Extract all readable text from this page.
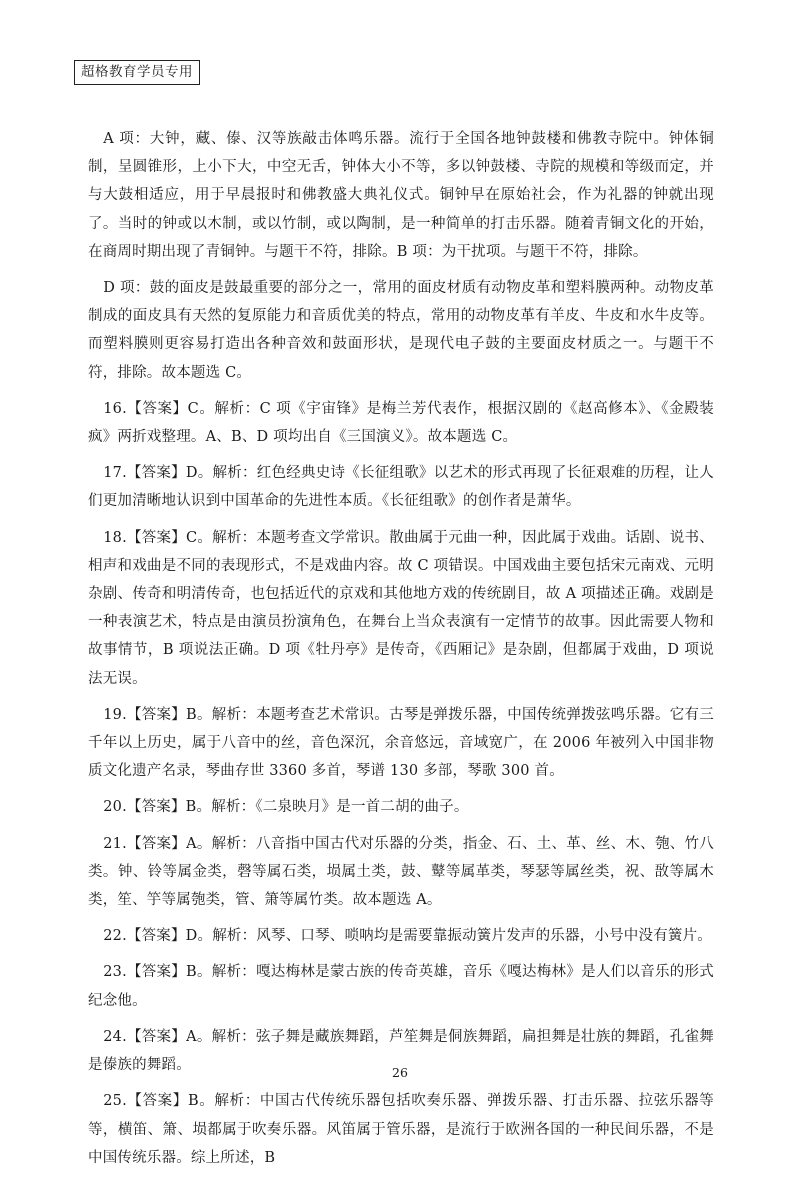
超格教育学员专用

A 项：大钟，藏、傣、汉等族敲击体鸣乐器。流行于全国各地钟鼓楼和佛教寺院中。钟体铜制，呈圆锥形，上小下大，中空无舌，钟体大小不等，多以钟鼓楼、寺院的规模和等级而定，并与大鼓相适应，用于早晨报时和佛教盛大典礼仪式。铜钟早在原始社会，作为礼器的钟就出现了。当时的钟或以木制，或以竹制，或以陶制，是一种简单的打击乐器。随着青铜文化的开始，在商周时期出现了青铜钟。与题干不符，排除。B 项：为干扰项。与题干不符，排除。

D 项：鼓的面皮是鼓最重要的部分之一，常用的面皮材质有动物皮革和塑料膜两种。动物皮革制成的面皮具有天然的复原能力和音质优美的特点，常用的动物皮革有羊皮、牛皮和水牛皮等。而塑料膜则更容易打造出各种音效和鼓面形状，是现代电子鼓的主要面皮材质之一。与题干不符，排除。故本题选 C。

16.【答案】C。解析：C 项《宇宙锋》是梅兰芳代表作，根据汉剧的《赵高修本》、《金殿装疯》两折戏整理。A、B、D 项均出自《三国演义》。故本题选 C。

17.【答案】D。解析：红色经典史诗《长征组歌》以艺术的形式再现了长征艰难的历程，让人们更加清晰地认识到中国革命的先进性本质。《长征组歌》的创作者是萧华。

18.【答案】C。解析：本题考查文学常识。散曲属于元曲一种，因此属于戏曲。话剧、说书、相声和戏曲是不同的表现形式，不是戏曲内容。故 C 项错误。中国戏曲主要包括宋元南戏、元明杂剧、传奇和明清传奇，也包括近代的京戏和其他地方戏的传统剧目，故 A 项描述正确。戏剧是一种表演艺术，特点是由演员扮演角色，在舞台上当众表演有一定情节的故事。因此需要人物和故事情节，B 项说法正确。D 项《牡丹亭》是传奇，《西厢记》是杂剧，但都属于戏曲，D 项说法无误。

19.【答案】B。解析：本题考查艺术常识。古琴是弹拨乐器，中国传统弹拨弦鸣乐器。它有三千年以上历史，属于八音中的丝，音色深沉，余音悠远，音域宽广，在 2006 年被列入中国非物质文化遗产名录，琴曲存世 3360 多首，琴谱 130 多部，琴歌 300 首。

20.【答案】B。解析：《二泉映月》是一首二胡的曲子。

21.【答案】A。解析：八音指中国古代对乐器的分类，指金、石、土、革、丝、木、匏、竹八类。钟、铃等属金类，磬等属石类，埙属土类，鼓、鼙等属革类，琴瑟等属丝类，祝、敔等属木类，笙、竽等属匏类，管、箫等属竹类。故本题选 A。

22.【答案】D。解析：风琴、口琴、唢呐均是需要靠振动簧片发声的乐器，小号中没有簧片。

23.【答案】B。解析：嘎达梅林是蒙古族的传奇英雄，音乐《嘎达梅林》是人们以音乐的形式纪念他。

24.【答案】A。解析：弦子舞是藏族舞蹈，芦笙舞是侗族舞蹈，扁担舞是壮族的舞蹈，孔雀舞是傣族的舞蹈。

25.【答案】B。解析：中国古代传统乐器包括吹奏乐器、弹拨乐器、打击乐器、拉弦乐器等等，横笛、箫、埙都属于吹奏乐器。风笛属于管乐器，是流行于欧洲各国的一种民间乐器，不是中国传统乐器。综上所述，B

26
